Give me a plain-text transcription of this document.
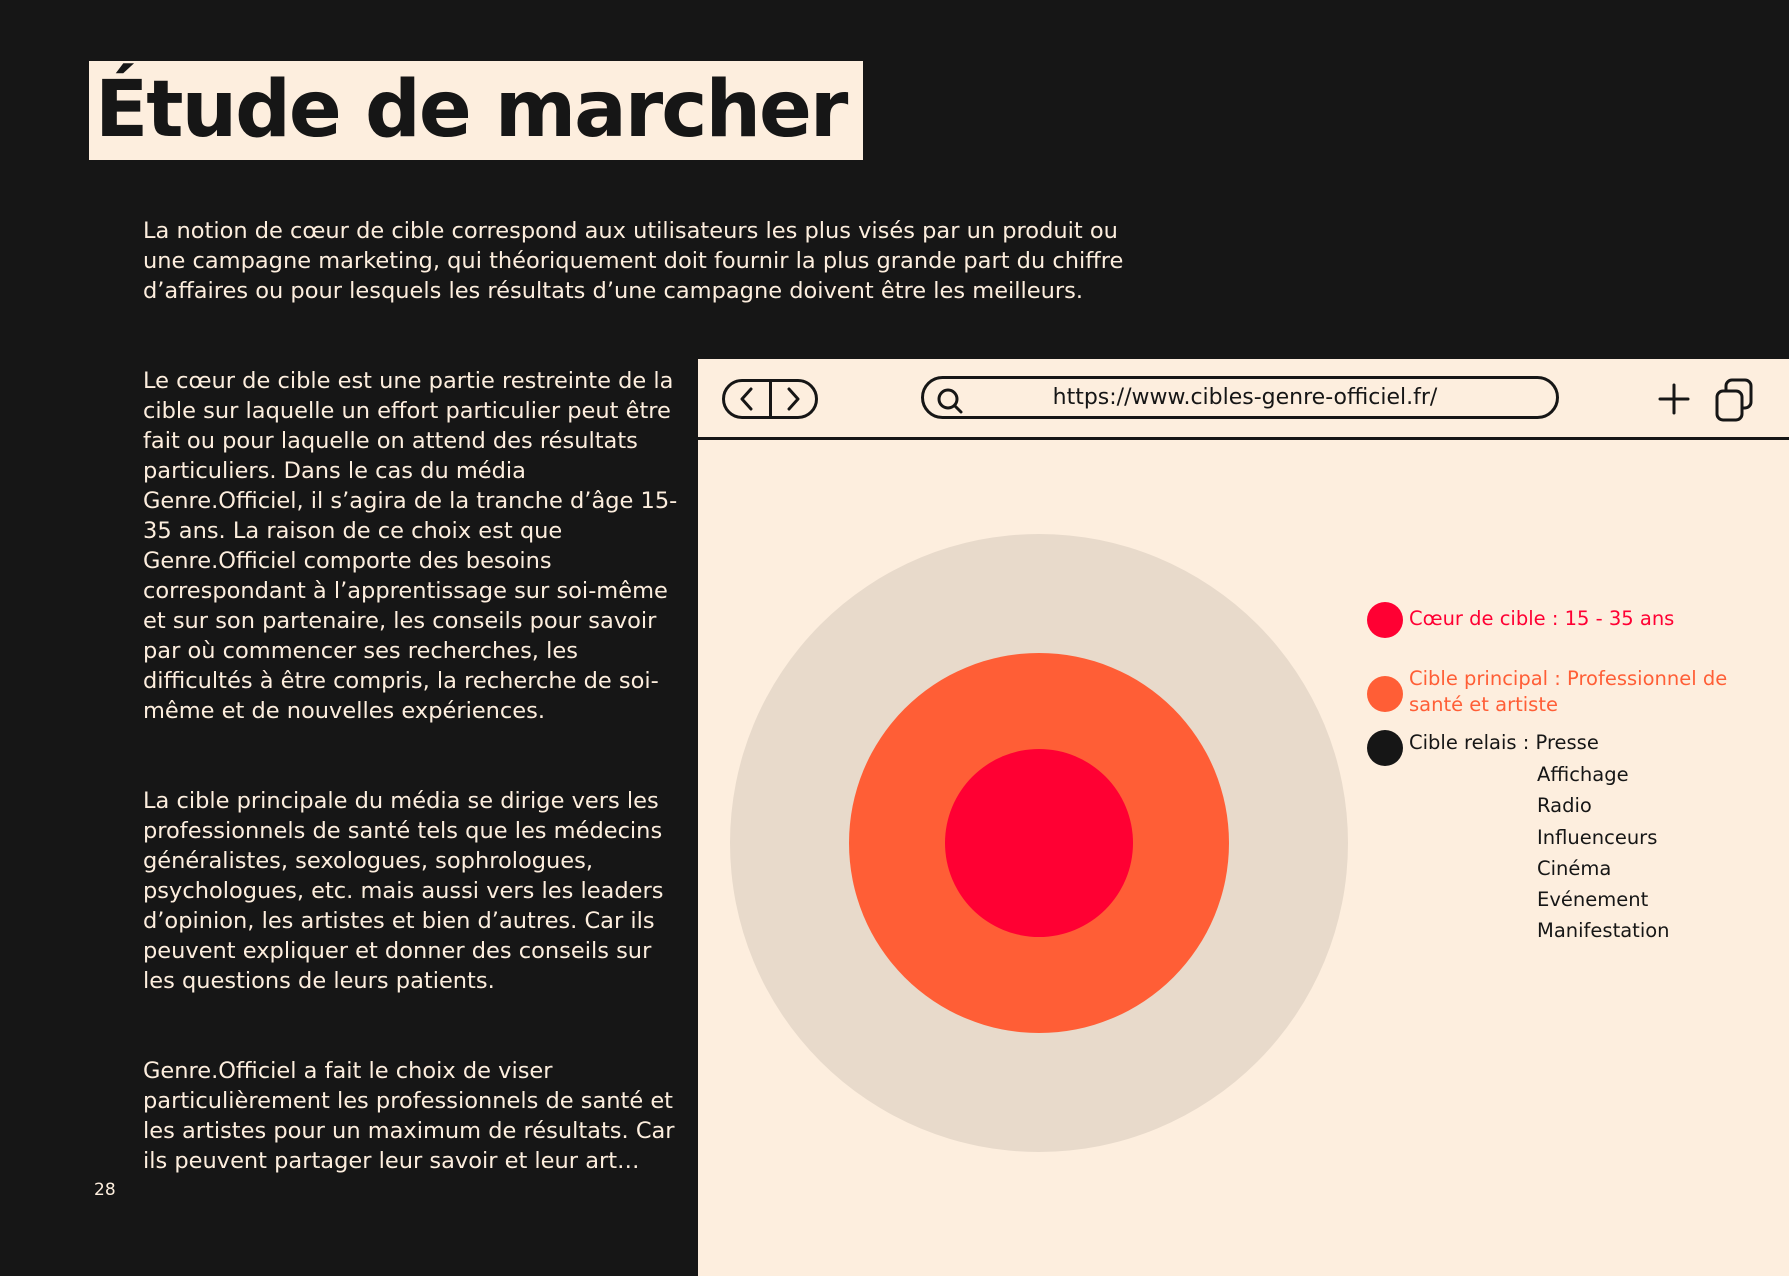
Étude de marcher

La notion de cœur de cible correspond aux utilisateurs les plus visés par un produit ou une campagne marketing, qui théoriquement doit fournir la plus grande part du chiffre d’affaires ou pour lesquels les résultats d’une campagne doivent être les meilleurs.

Le cœur de cible est une partie restreinte de la cible sur laquelle un effort particulier peut être fait ou pour laquelle on attend des résultats particuliers. Dans le cas du média Genre.Officiel, il s’agira de la tranche d’âge 15-35 ans. La raison de ce choix est que Genre.Officiel comporte des besoins correspondant à l’apprentissage sur soi-même et sur son partenaire, les conseils pour savoir par où commencer ses recherches, les difficultés à être compris, la recherche de soi-même et de nouvelles expériences.

La cible principale du média se dirige vers les professionnels de santé tels que les médecins généralistes, sexologues, sophrologues, psychologues, etc. mais aussi vers les leaders d’opinion, les artistes et bien d’autres. Car ils peuvent expliquer et donner des conseils sur les questions de leurs patients.

Genre.Officiel a fait le choix de viser particulièrement les professionnels de santé et les artistes pour un maximum de résultats. Car ils peuvent partager leur savoir et leur art…

28
https://www.cibles-genre-officiel.fr/
Cœur de cible : 15 - 35 ans
Cible principal : Professionnel de santé et artiste
Cible relais : Presse
Affichage
Radio
Influenceurs
Cinéma
Evénement
Manifestation
